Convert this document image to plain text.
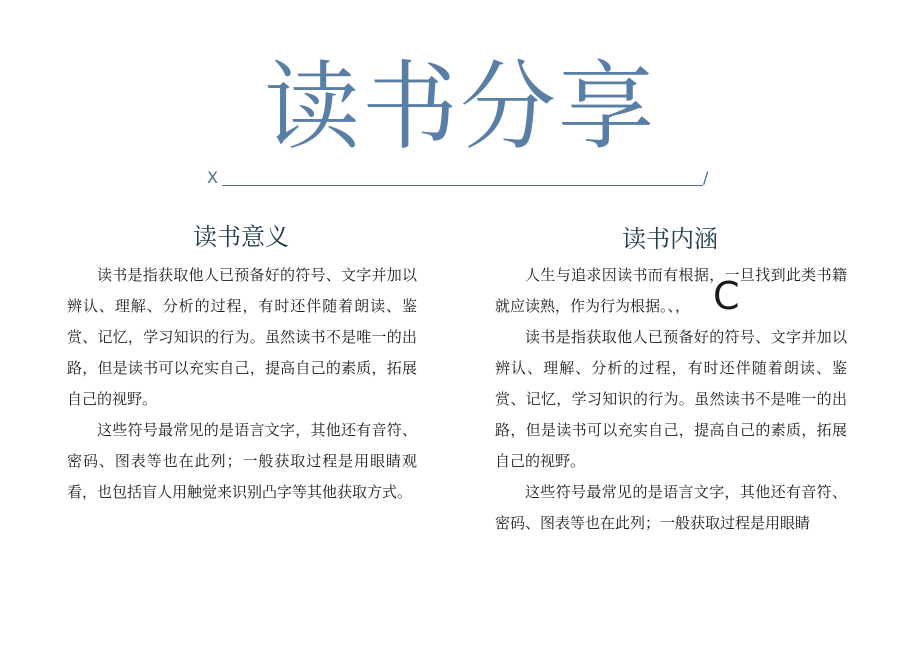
读书分享
X	/
读书意义

读书是指获取他人已预备好的符号、文字并加以辨认、理解、分析的过程，有时还伴随着朗读、鉴赏、记忆，学习知识的行为。虽然读书不是唯一的出路，但是读书可以充实自己，提高自己的素质，拓展自己的视野。

这些符号最常见的是语言文字，其他还有音符、密码、图表等也在此列；一般获取过程是用眼睛观看，也包括盲人用触觉来识别凸字等其他获取方式。

读书内涵

人生与追求因读书而有根据，一旦找到此类书籍就应读熟，作为行为根据。、，

读书是指获取他人已预备好的符号、文字并加以辨认、理解、分析的过程，有时还伴随着朗读、鉴赏、记忆，学习知识的行为。虽然读书不是唯一的出路，但是读书可以充实自己，提高自己的素质，拓展自己的视野。

这些符号最常见的是语言文字，其他还有音符、密码、图表等也在此列；一般获取过程是用眼睛

C
